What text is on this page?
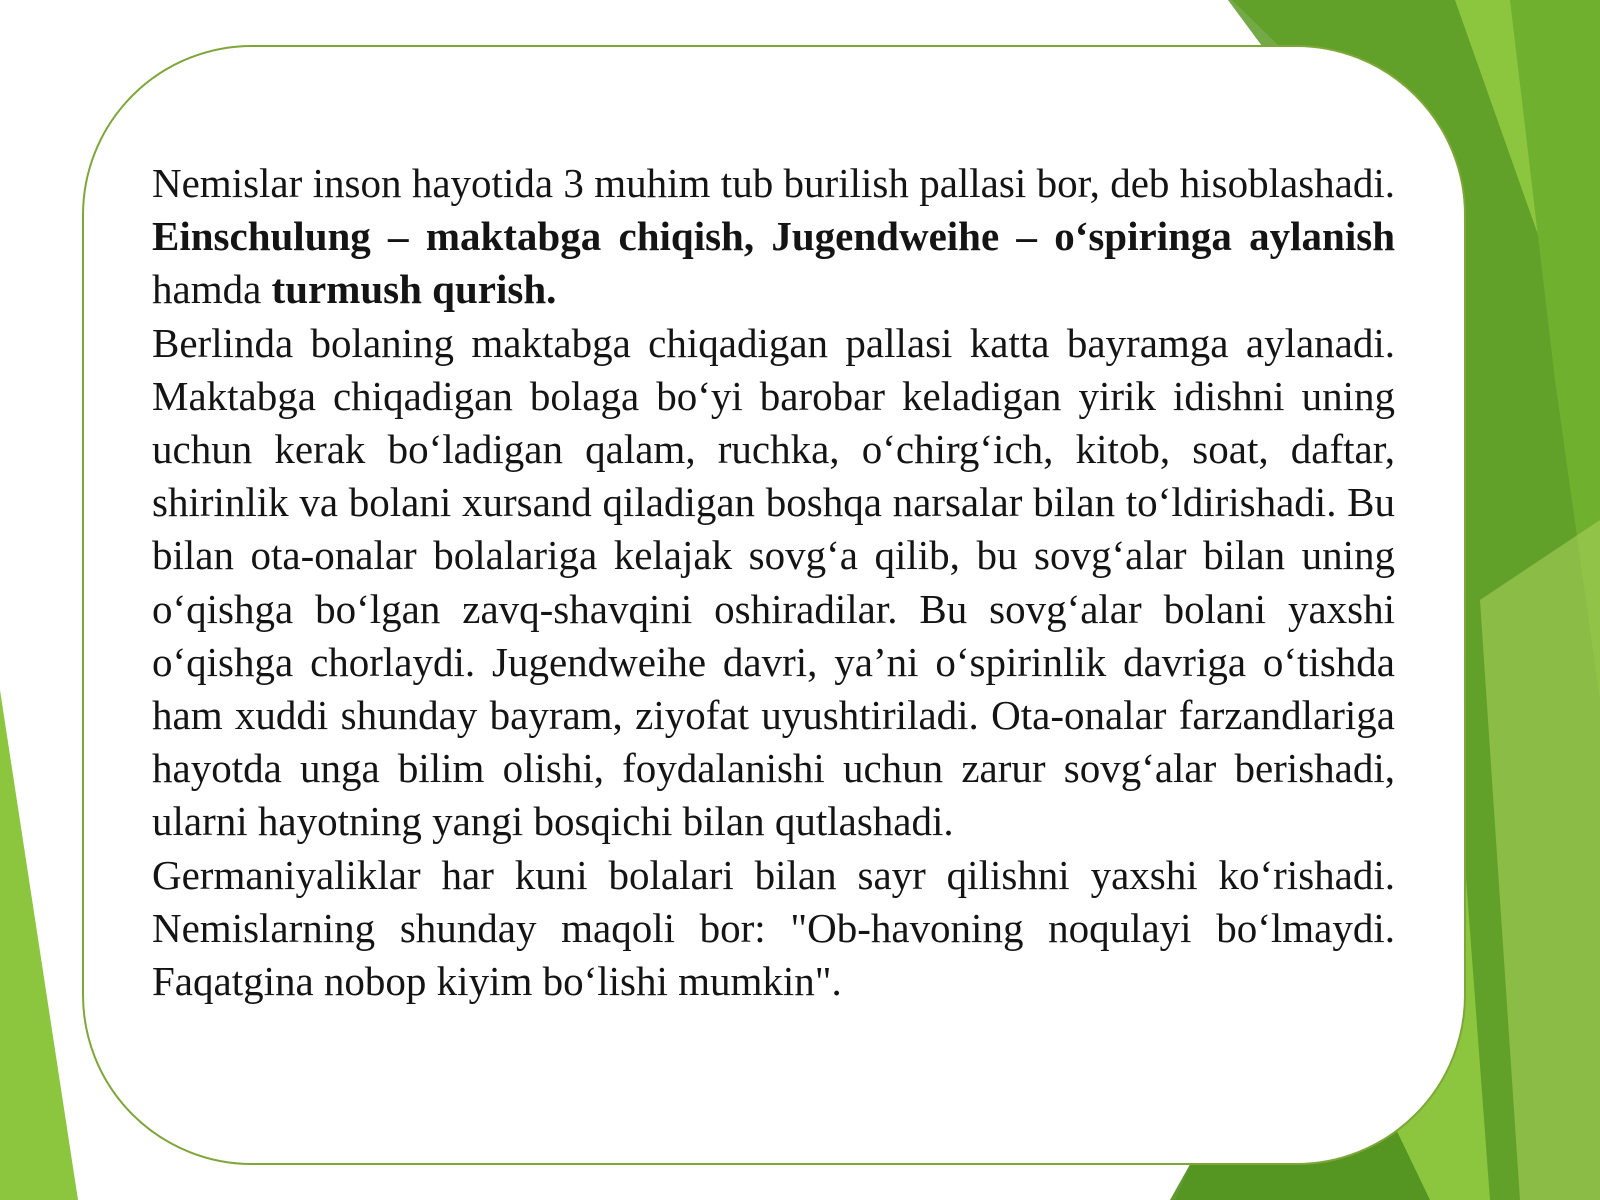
Nemislar inson hayotida 3 muhim tub burilish pallasi bor, deb hisoblashadi. Einschulung – maktabga chiqish, Jugendweihe – o‘spiringa aylanish hamda turmush qurish.

Berlinda bolaning maktabga chiqadigan pallasi katta bayramga aylanadi. Maktabga chiqadigan bolaga bo‘yi barobar keladigan yirik idishni uning uchun kerak bo‘ladigan qalam, ruchka, o‘chirg‘ich, kitob, soat, daftar, shirinlik va bolani xursand qiladigan boshqa narsalar bilan to‘ldirishadi. Bu bilan ota-onalar bolalariga kelajak sovg‘a qilib, bu sovg‘alar bilan uning o‘qishga bo‘lgan zavq-shavqini oshiradilar. Bu sovg‘alar bolani yaxshi o‘qishga chorlaydi. Jugendweihe davri, ya’ni o‘spirinlik davriga o‘tishda ham xuddi shunday bayram, ziyofat uyushtiriladi. Ota-onalar farzandlariga hayotda unga bilim olishi, foydalanishi uchun zarur sovg‘alar berishadi, ularni hayotning yangi bosqichi bilan qutlashadi.

Germaniyaliklar har kuni bolalari bilan sayr qilishni yaxshi ko‘rishadi. Nemislarning shunday maqoli bor: "Ob-havoning noqulayi bo‘lmaydi. Faqatgina nobop kiyim bo‘lishi mumkin".
